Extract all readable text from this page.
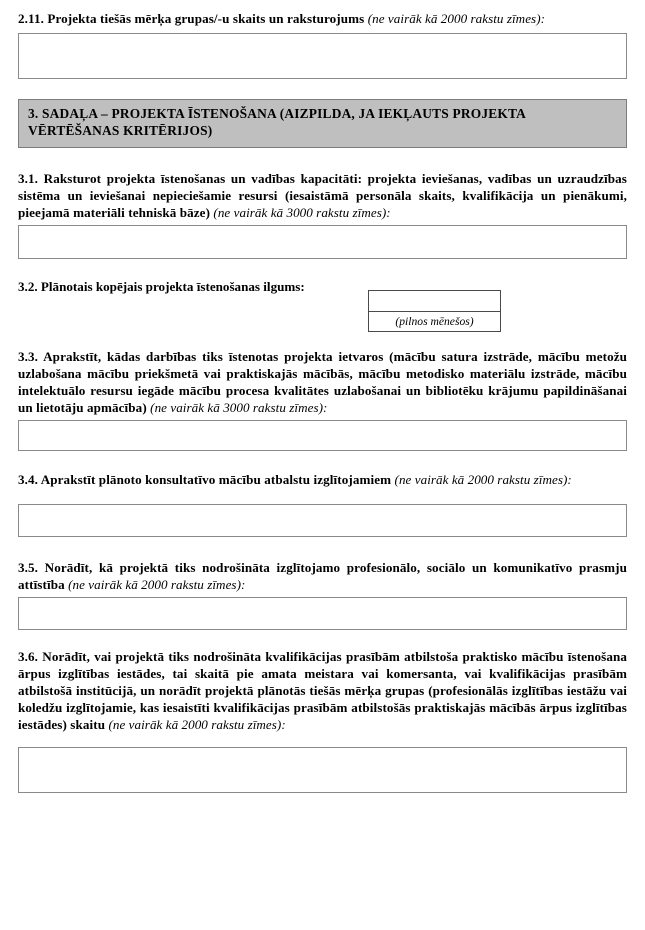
2.11. Projekta tiešās mērķa grupas/-u skaits un raksturojums (ne vairāk kā 2000 rakstu zīmes):

3. SADAĻA – PROJEKTA ĪSTENOŠANA (AIZPILDA, JA IEKĻAUTS PROJEKTA
VĒRTĒŠANAS KRITĒRIJOS)

3.1. Raksturot projekta īstenošanas un vadības kapacitāti: projekta ieviešanas, vadības un uzraudzības sistēma un ieviešanai nepieciešamie resursi (iesaistāmā personāla skaits, kvalifikācija un pienākumi, pieejamā materiāli tehniskā bāze) (ne vairāk kā 3000 rakstu zīmes):

3.2. Plānotais kopējais projekta īstenošanas ilgums:

(pilnos mēnešos)

3.3. Aprakstīt, kādas darbības tiks īstenotas projekta ietvaros (mācību satura izstrāde, mācību metožu uzlabošana mācību priekšmetā vai praktiskajās mācībās, mācību metodisko materiālu izstrāde, mācību intelektuālo resursu iegāde mācību procesa kvalitātes uzlabošanai un bibliotēku krājumu papildināšanai un lietotāju apmācība) (ne vairāk kā 3000 rakstu zīmes):

3.4. Aprakstīt plānoto konsultatīvo mācību atbalstu izglītojamiem (ne vairāk kā 2000 rakstu zīmes):

3.5. Norādīt, kā projektā tiks nodrošināta izglītojamo profesionālo, sociālo un komunikatīvo prasmju attīstība (ne vairāk kā 2000 rakstu zīmes):

3.6. Norādīt, vai projektā tiks nodrošināta kvalifikācijas prasībām atbilstoša praktisko mācību īstenošana ārpus izglītības iestādes, tai skaitā pie amata meistara vai komersanta, vai kvalifikācijas prasībām atbilstošā institūcijā, un norādīt projektā plānotās tiešās mērķa grupas (profesionālās izglītības iestāžu vai koledžu izglītojamie, kas iesaistīti kvalifikācijas prasībām atbilstošās praktiskajās mācībās ārpus izglītības iestādes) skaitu (ne vairāk kā 2000 rakstu zīmes):
